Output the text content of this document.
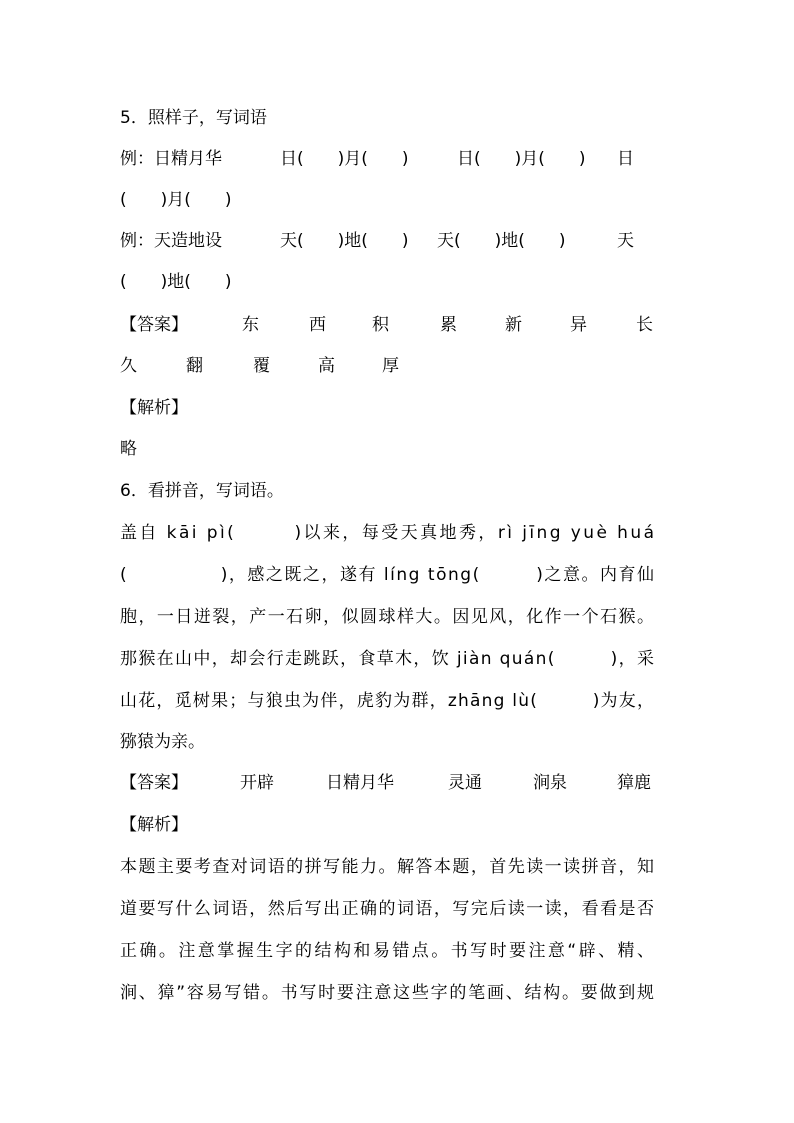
5．照样子，写词语

例：日精月华

	日(　　)月(　　)

	日(　　)月(　　)

日

(　　)月(　　)

例：天造地设

	天(　　)地(　　)

天(　　)地(　　)

	天

(　　)地(　　)

【答案】

	东

	西

	积

	累

	新

	异

	长

久

	翻

	覆

	高

	厚

【解析】
略
6．看拼音，写词语。
盖自 kāi pì(　　　)以来，每受天真地秀，rì jīng yuè huá
(　　　　　)，感之既之，遂有 líng tōng(　　　)之意。内育仙
胞，一日迸裂，产一石卵，似圆球样大。因见风，化作一个石猴。
那猴在山中，却会行走跳跃，食草木，饮 jiàn quán(　　　)，采
山花，觅树果；与狼虫为伴，虎豹为群，zhāng lù(　　　)为友，
猕猿为亲。

【答案】

	开辟

	日精月华

	灵通

	涧泉

	獐鹿

【解析】
本题主要考查对词语的拼写能力。解答本题，首先读一读拼音，知
道要写什么词语，然后写出正确的词语，写完后读一读，看看是否
正确。注意掌握生字的结构和易错点。书写时要注意“辟、精、
涧、獐”容易写错。书写时要注意这些字的笔画、结构。要做到规
